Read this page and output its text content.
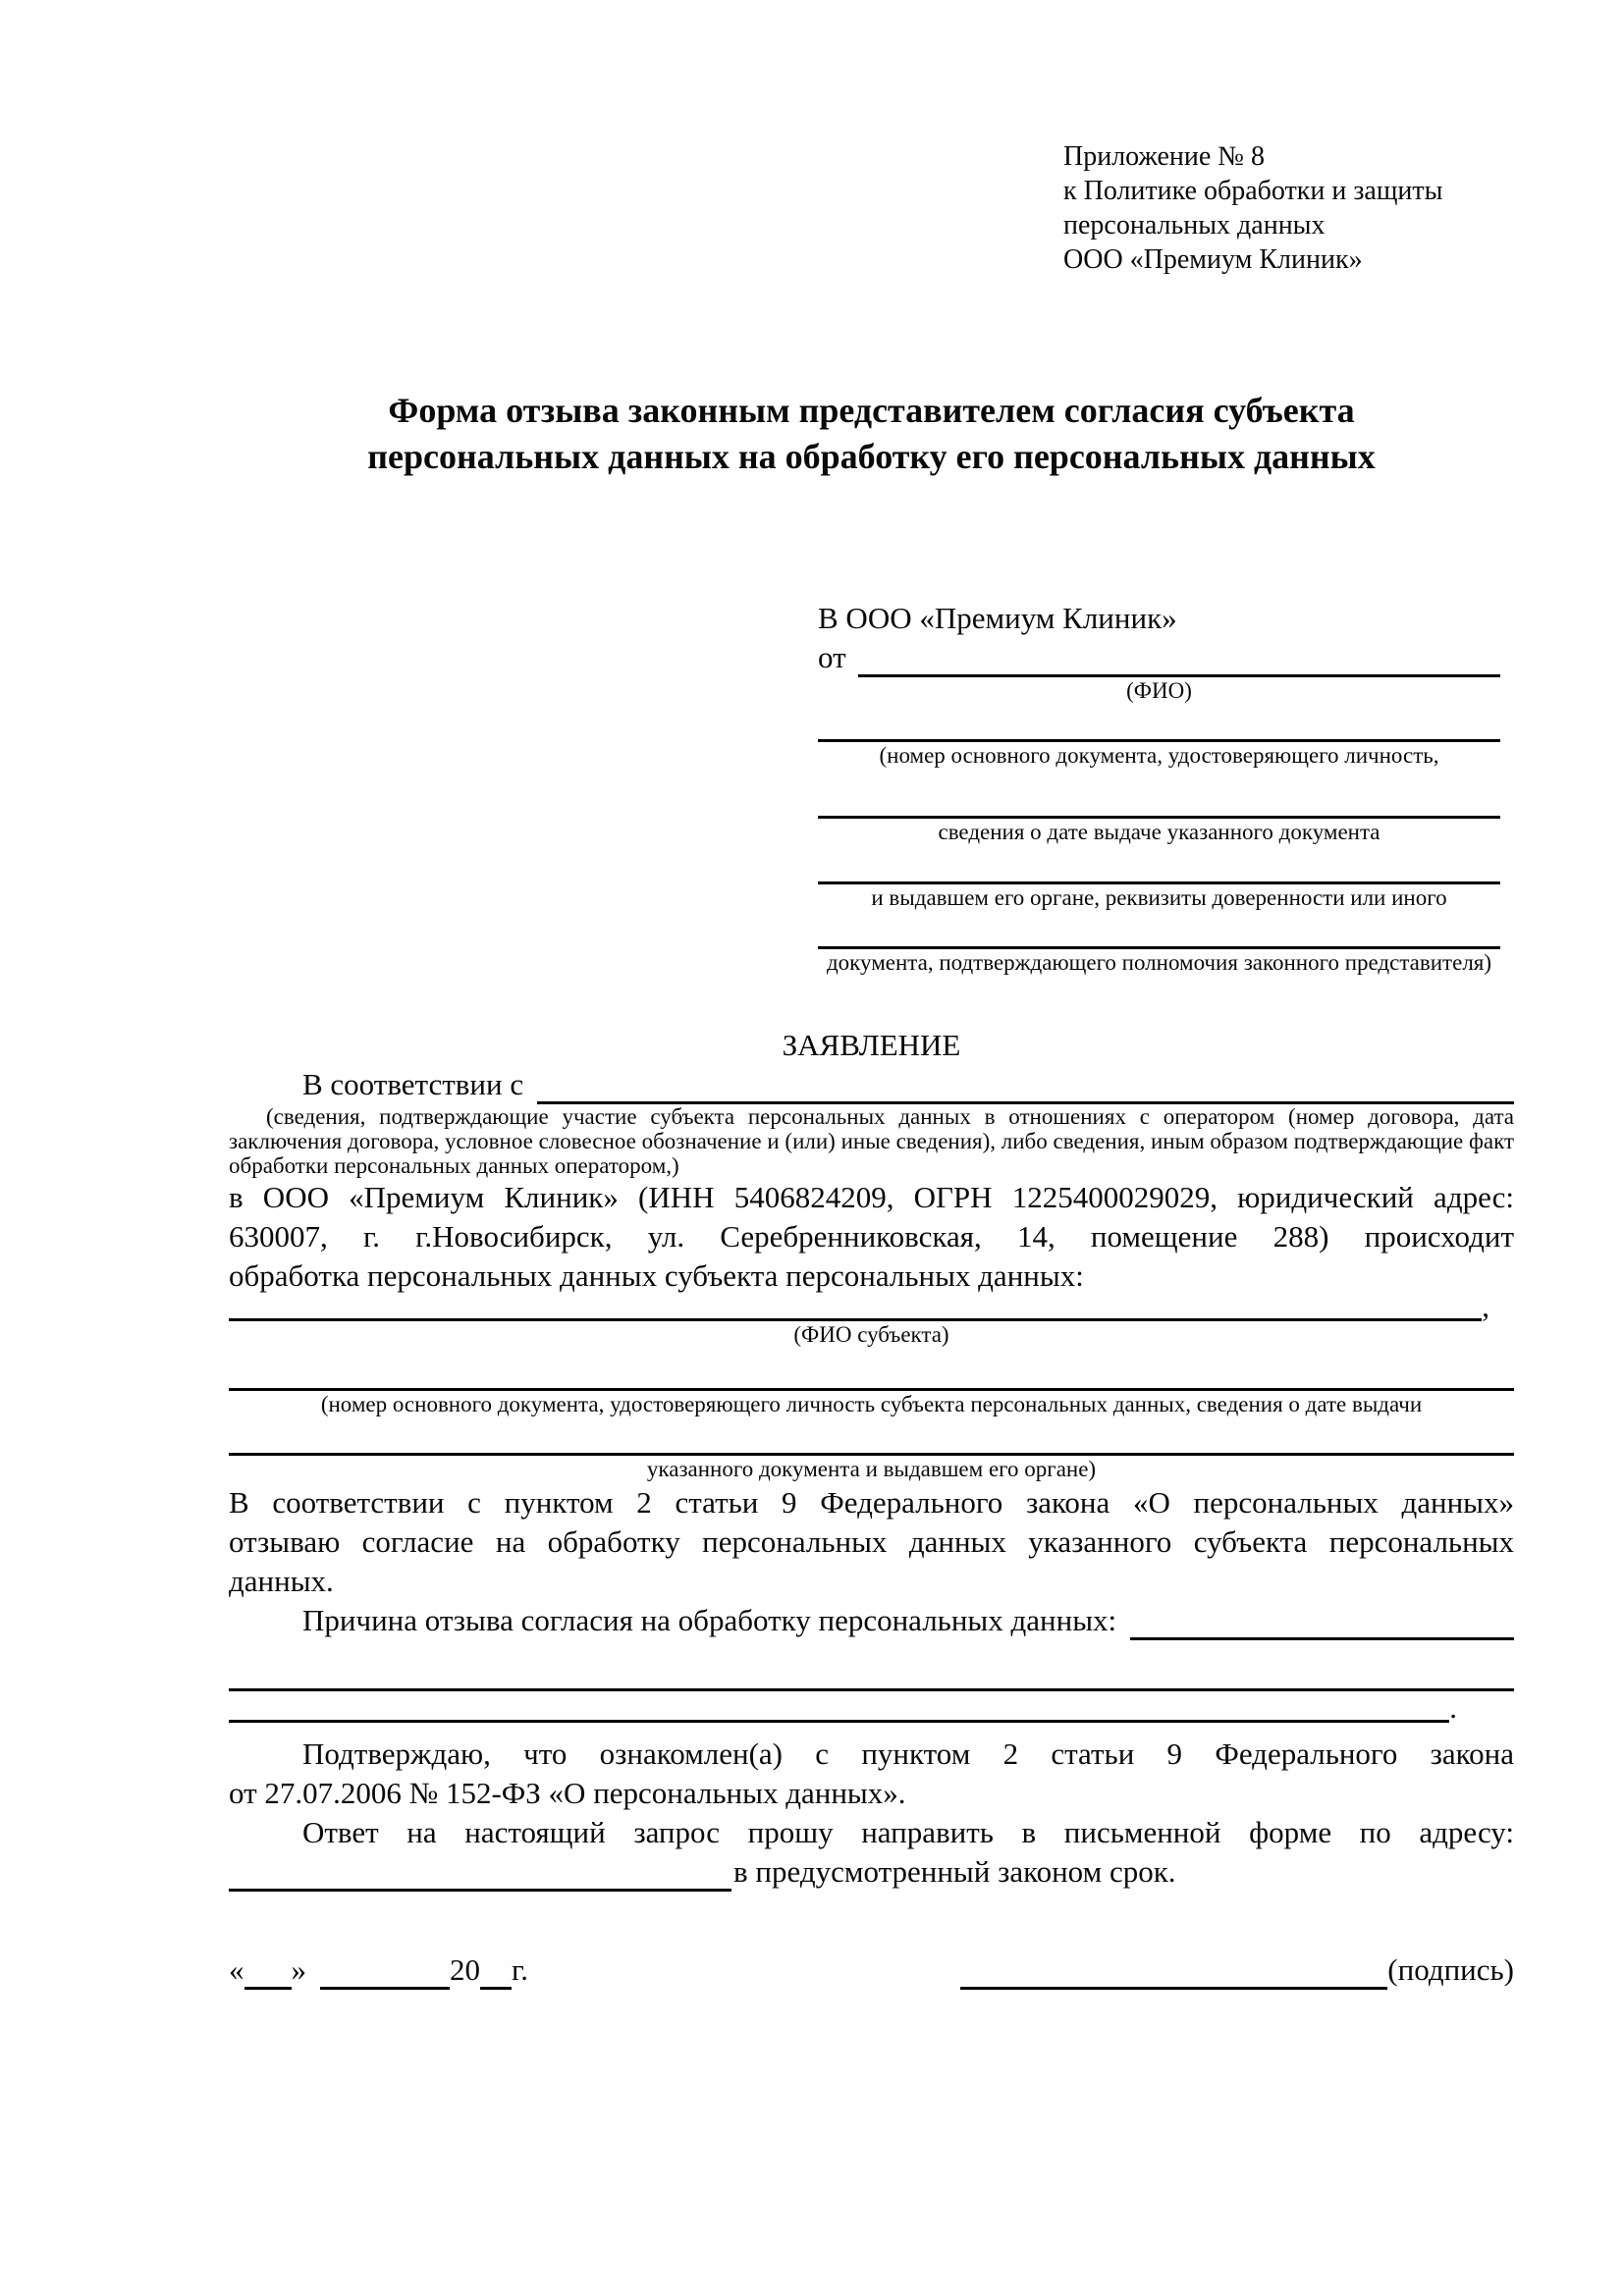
Приложение № 8
к Политике обработки и защиты
персональных данных
ООО «Премиум Клиник»
Форма отзыва законным представителем согласия субъекта персональных данных на обработку его персональных данных
В ООО «Премиум Клиник»
от
(ФИО)
(номер основного документа, удостоверяющего личность,
сведения о дате выдаче указанного документа
и выдавшем его органе, реквизиты доверенности или иного
документа, подтверждающего полномочия законного представителя)
ЗАЯВЛЕНИЕ
В соответствии с
(сведения, подтверждающие участие субъекта персональных данных в отношениях с оператором (номер договора, дата
заключения договора, условное словесное обозначение и (или) иные сведения), либо сведения, иным образом подтверждающие факт
обработки персональных данных оператором,)
в ООО «Премиум Клиник» (ИНН 5406824209, ОГРН 1225400029029, юридический адрес:
630007, г. г.Новосибирск, ул. Серебренниковская, 14, помещение 288) происходит
обработка персональных данных субъекта персональных данных:
,
(ФИО субъекта)
(номер основного документа, удостоверяющего личность субъекта персональных данных, сведения о дате выдачи
указанного документа и выдавшем его органе)
В соответствии с пунктом 2 статьи 9 Федерального закона «О персональных данных»
отзываю согласие на обработку персональных данных указанного субъекта персональных
данных.
Причина отзыва согласия на обработку персональных данных:
.
Подтверждаю, что ознакомлен(а) с пунктом 2 статьи 9 Федерального закона
от 27.07.2006 № 152-ФЗ «О персональных данных».
Ответ на настоящий запрос прошу направить в письменной форме по адресу:
в предусмотренный законом срок.
« »	20 г.	(подпись)
